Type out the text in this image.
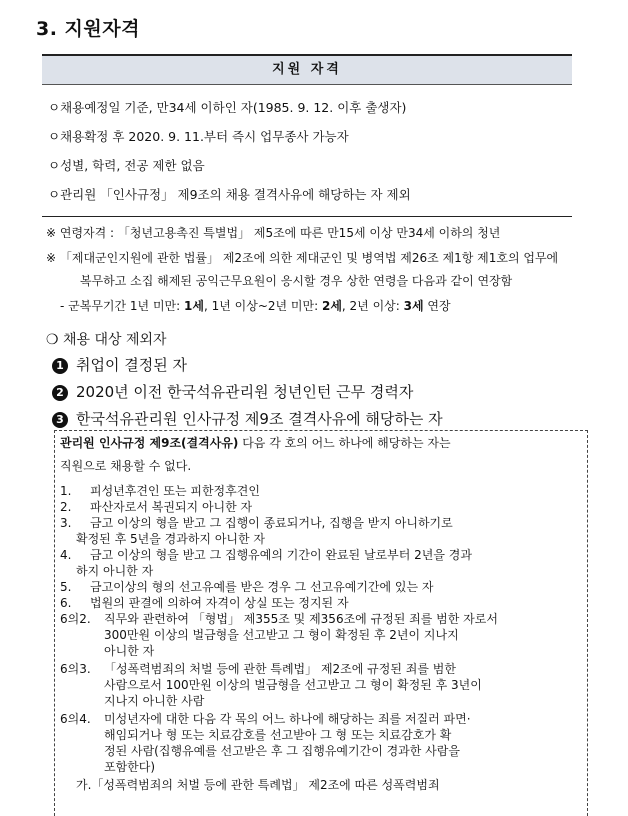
3. 지원자격
지원 자격
ㅇ채용예정일 기준, 만34세 이하인 자(1985. 9. 12. 이후 출생자)
ㅇ채용확정 후 2020. 9. 11.부터 즉시 업무종사 가능자
ㅇ성별, 학력, 전공 제한 없음
ㅇ관리원 「인사규정」 제9조의 채용 결격사유에 해당하는 자 제외
※ 연령자격 : 「청년고용촉진 특별법」 제5조에 따른 만15세 이상 만34세 이하의 청년
※ 「제대군인지원에 관한 법률」 제2조에 의한 제대군인 및 병역법 제26조 제1항 제1호의 업무에
복무하고 소집 해제된 공익근무요원이 응시할 경우 상한 연령을 다음과 같이 연장함
- 군복무기간 1년 미만: 1세, 1년 이상~2년 미만: 2세, 2년 이상: 3세 연장
❍ 채용 대상 제외자
1 취업이 결정된 자
2 2020년 이전 한국석유관리원 청년인턴 근무 경력자
3 한국석유관리원 인사규정 제9조 결격사유에 해당하는 자
관리원 인사규정 제9조(결격사유) 다음 각 호의 어느 하나에 해당하는 자는
직원으로 채용할 수 없다.
1. 피성년후견인 또는 피한정후견인
2. 파산자로서 복권되지 아니한 자
3. 금고 이상의 형을 받고 그 집행이 종료되거나, 집행을 받지 아니하기로
확정된 후 5년을 경과하지 아니한 자
4. 금고 이상의 형을 받고 그 집행유예의 기간이 완료된 날로부터 2년을 경과
하지 아니한 자
5. 금고이상의 형의 선고유예를 받은 경우 그 선고유예기간에 있는 자
6. 법원의 판결에 의하여 자격이 상실 또는 정지된 자
6의2. 직무와 관련하여 「형법」 제355조 및 제356조에 규정된 죄를 범한 자로서
300만원 이상의 벌금형을 선고받고 그 형이 확정된 후 2년이 지나지
아니한 자
6의3. 「성폭력범죄의 처벌 등에 관한 특례법」 제2조에 규정된 죄를 범한
사람으로서 100만원 이상의 벌금형을 선고받고 그 형이 확정된 후 3년이
지나지 아니한 사람
6의4. 미성년자에 대한 다음 각 목의 어느 하나에 해당하는 죄를 저질러 파면·
해임되거나 형 또는 치료감호를 선고받아 그 형 또는 치료감호가 확
정된 사람(집행유예를 선고받은 후 그 집행유예기간이 경과한 사람을
포함한다)
가.「성폭력범죄의 처벌 등에 관한 특례법」 제2조에 따른 성폭력범죄
